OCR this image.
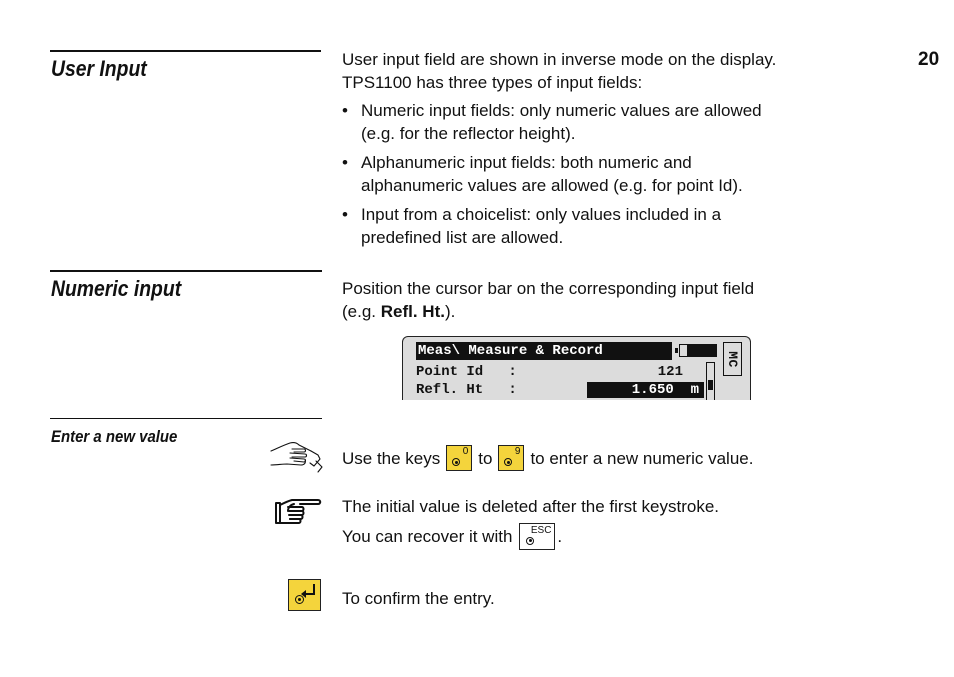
20
User Input	User input field are shown in inverse mode on the display.
TPS1100 has three types of input fields:
• Numeric input fields: only numeric values are allowed
(e.g. for the reflector height).
• Alphanumeric input fields: both numeric and
alphanumeric values are allowed (e.g. for point Id).
• Input from a choicelist: only values included in a
predefined list are allowed.
Numeric input	Position the cursor bar on the corresponding input field
(e.g. Refl. Ht.).
Meas\ Measure & Record	MC
Point Id   :	121
Refl. Ht   :	1.650  m
Enter a new value
Use the keys 0 to 9 to enter a new numeric value.
The initial value is deleted after the first keystroke.
You can recover it with ESC .
To confirm the entry.
